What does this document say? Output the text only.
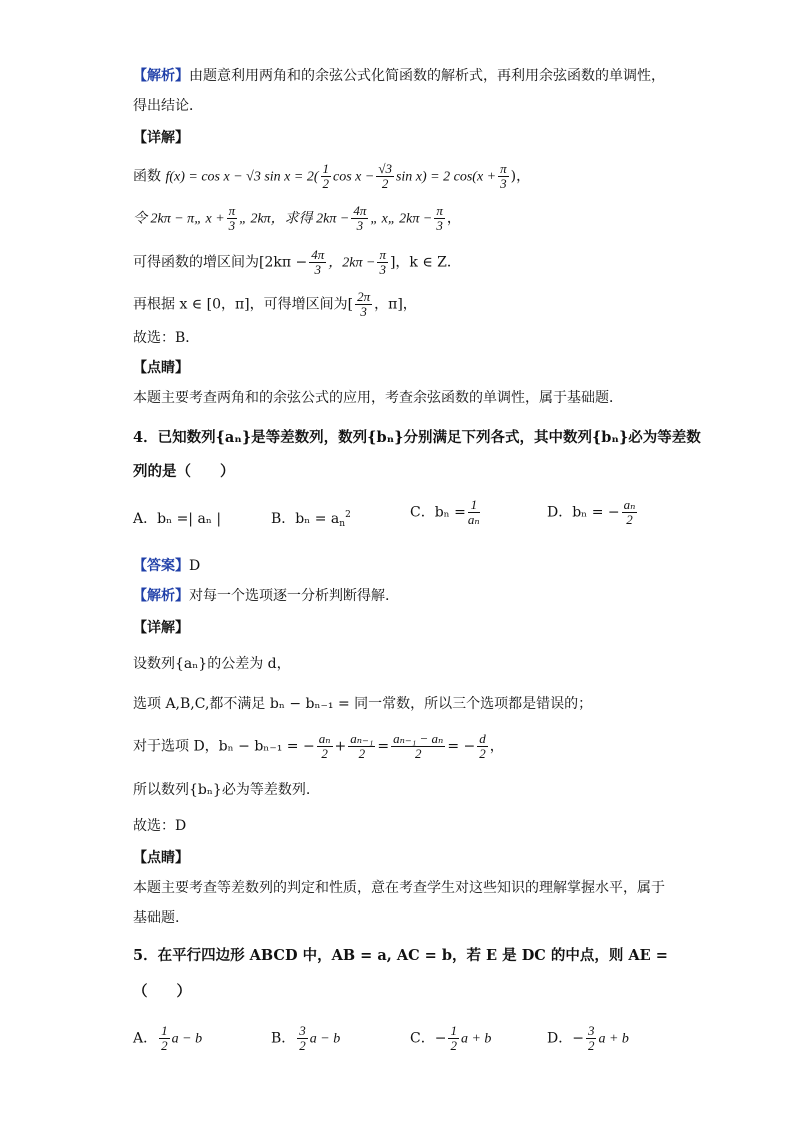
【解析】由题意利用两角和的余弦公式化简函数的解析式，再利用余弦函数的单调性，
得出结论．
【详解】
函数 f(x) = cos x − √3 $\sin x = 2( \frac{1}{2}$ $\cos x - \frac{√3}{2}$ sin x) = 2 $\cos(x + \frac{\pi}{3}$ )，
令 2kπ − π„ $x + \frac{\pi}{3}$ „ 2kπ，求得 $2k\pi - \frac{4\pi}{3}$ „ x„ $2k\pi - \frac{\pi}{3}$ ，
可得函数的增区间为[$2k\pi - \frac{4\pi}{3}$ ，$2k\pi - \frac{\pi}{3}$ ]，k ∈ Z．
再根据 x ∈ [0，π]，可得增区间为[ $\frac{2\pi}{3}$ ，π]，
故选：B．
【点睛】
本题主要考查两角和的余弦公式的应用，考查余弦函数的单调性，属于基础题．
4．已知数列{aₙ}是等差数列，数列{bₙ}分别满足下列各式，其中数列{bₙ}必为等差数
列的是（　　）
A．bₙ =| aₙ |	B．$b_n = a_n^2$	C．$b_n = \frac{1}{\text{aₙ}}$	D．bₙ = − $\frac{\text{aₙ}}{2}$
【答案】D
【解析】对每一个选项逐一分析判断得解.
【详解】
设数列{aₙ}的公差为 d，
选项 A,B,C,都不满足 bₙ − bₙ₋₁ = 同一常数，所以三个选项都是错误的；
对于选项 D，bₙ − bₙ₋₁ = − $\frac{\text{aₙ}}{2} + \frac{\text{aₙ₋₁}}{2} = \frac{\text{aₙ₋₁ − aₙ}}{2}$ = − $\frac{d}{2}$ ，
所以数列{bₙ}必为等差数列.
故选：D
【点睛】
本题主要考查等差数列的判定和性质，意在考查学生对这些知识的理解掌握水平，属于
基础题.
5．在平行四边形 ABCD 中，AB = a, AC = b，若 E 是 DC 的中点，则 AE =
（　　）
A． $\frac{1}{2}$ a − b	B． $\frac{3}{2}$ a − b	C．− $\frac{1}{2}$ a + b	D．− $\frac{3}{2}$ a + b
